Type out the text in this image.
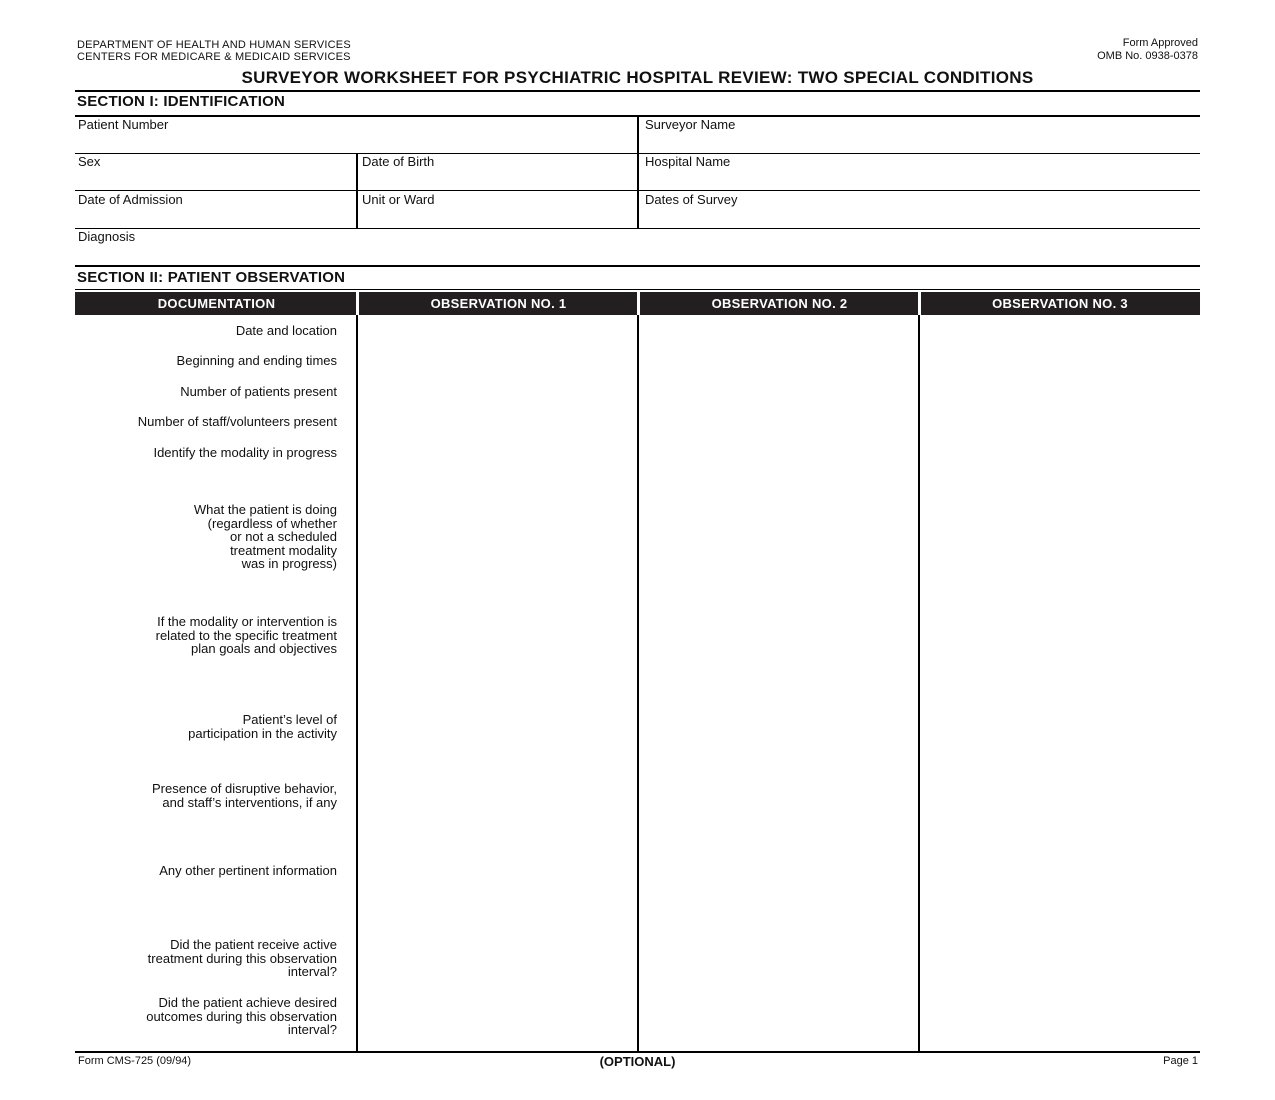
DEPARTMENT OF HEALTH AND HUMAN SERVICES
CENTERS FOR MEDICARE & MEDICAID SERVICES
Form Approved
OMB No. 0938-0378
SURVEYOR WORKSHEET FOR PSYCHIATRIC HOSPITAL REVIEW: TWO SPECIAL CONDITIONS
SECTION I: IDENTIFICATION
Patient Number	Surveyor Name
Sex	Date of Birth	Hospital Name
Date of Admission	Unit or Ward	Dates of Survey
Diagnosis
SECTION II: PATIENT OBSERVATION
DOCUMENTATION	OBSERVATION NO. 1	OBSERVATION NO. 2	OBSERVATION NO. 3
Date and location
Beginning and ending times
Number of patients present
Number of staff/volunteers present
Identify the modality in progress
What the patient is doing
(regardless of whether
or not a scheduled
treatment modality
was in progress)
If the modality or intervention is
related to the specific treatment
plan goals and objectives
Patient’s level of
participation in the activity
Presence of disruptive behavior,
and staff’s interventions, if any
Any other pertinent information
Did the patient receive active
treatment during this observation
interval?
Did the patient achieve desired
outcomes during this observation
interval?
Form CMS-725 (09/94)	(OPTIONAL)	Page 1
